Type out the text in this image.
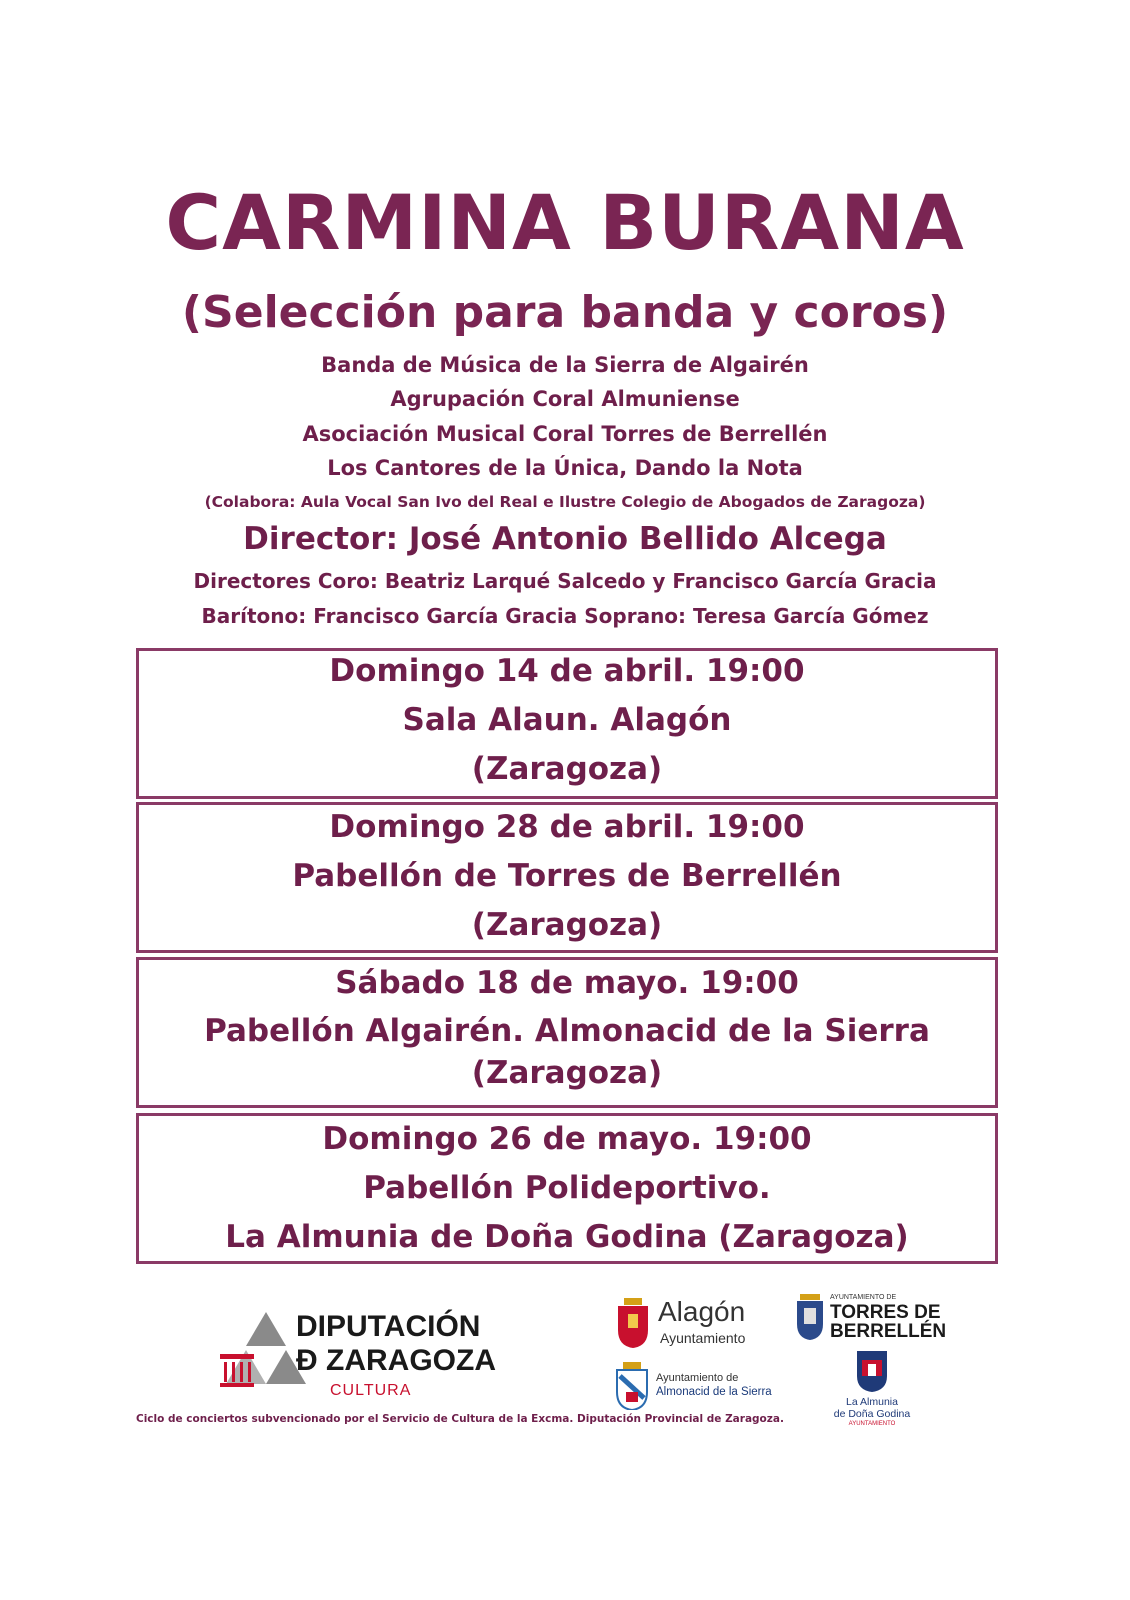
CARMINA BURANA
(Selección para banda y coros)
Banda de Música de la Sierra de Algairén
Agrupación Coral Almuniense
Asociación Musical Coral Torres de Berrellén
Los Cantores de la Única, Dando la Nota
(Colabora: Aula Vocal San Ivo del Real e Ilustre Colegio de Abogados de Zaragoza)
Director: José Antonio Bellido Alcega
Directores Coro: Beatriz Larqué Salcedo y Francisco García Gracia
Barítono: Francisco García Gracia Soprano: Teresa García Gómez
Domingo 14 de abril. 19:00
Sala Alaun. Alagón
(Zaragoza)
Domingo 28 de abril. 19:00
Pabellón de Torres de Berrellén
(Zaragoza)
Sábado 18 de mayo. 19:00
Pabellón Algairén. Almonacid de la Sierra
(Zaragoza)
Domingo 26 de mayo. 19:00
Pabellón Polideportivo.
La Almunia de Doña Godina (Zaragoza)
DIPUTACIÓN
Đ ZARAGOZA
CULTURA
Alagón
Ayuntamiento
AYUNTAMIENTO DE
TORRES DE
BERRELLÉN
Ayuntamiento de
Almonacid de la Sierra
La Almunia
de Doña Godina
AYUNTAMIENTO
Ciclo de conciertos subvencionado por el Servicio de Cultura de la Excma. Diputación Provincial de Zaragoza.
